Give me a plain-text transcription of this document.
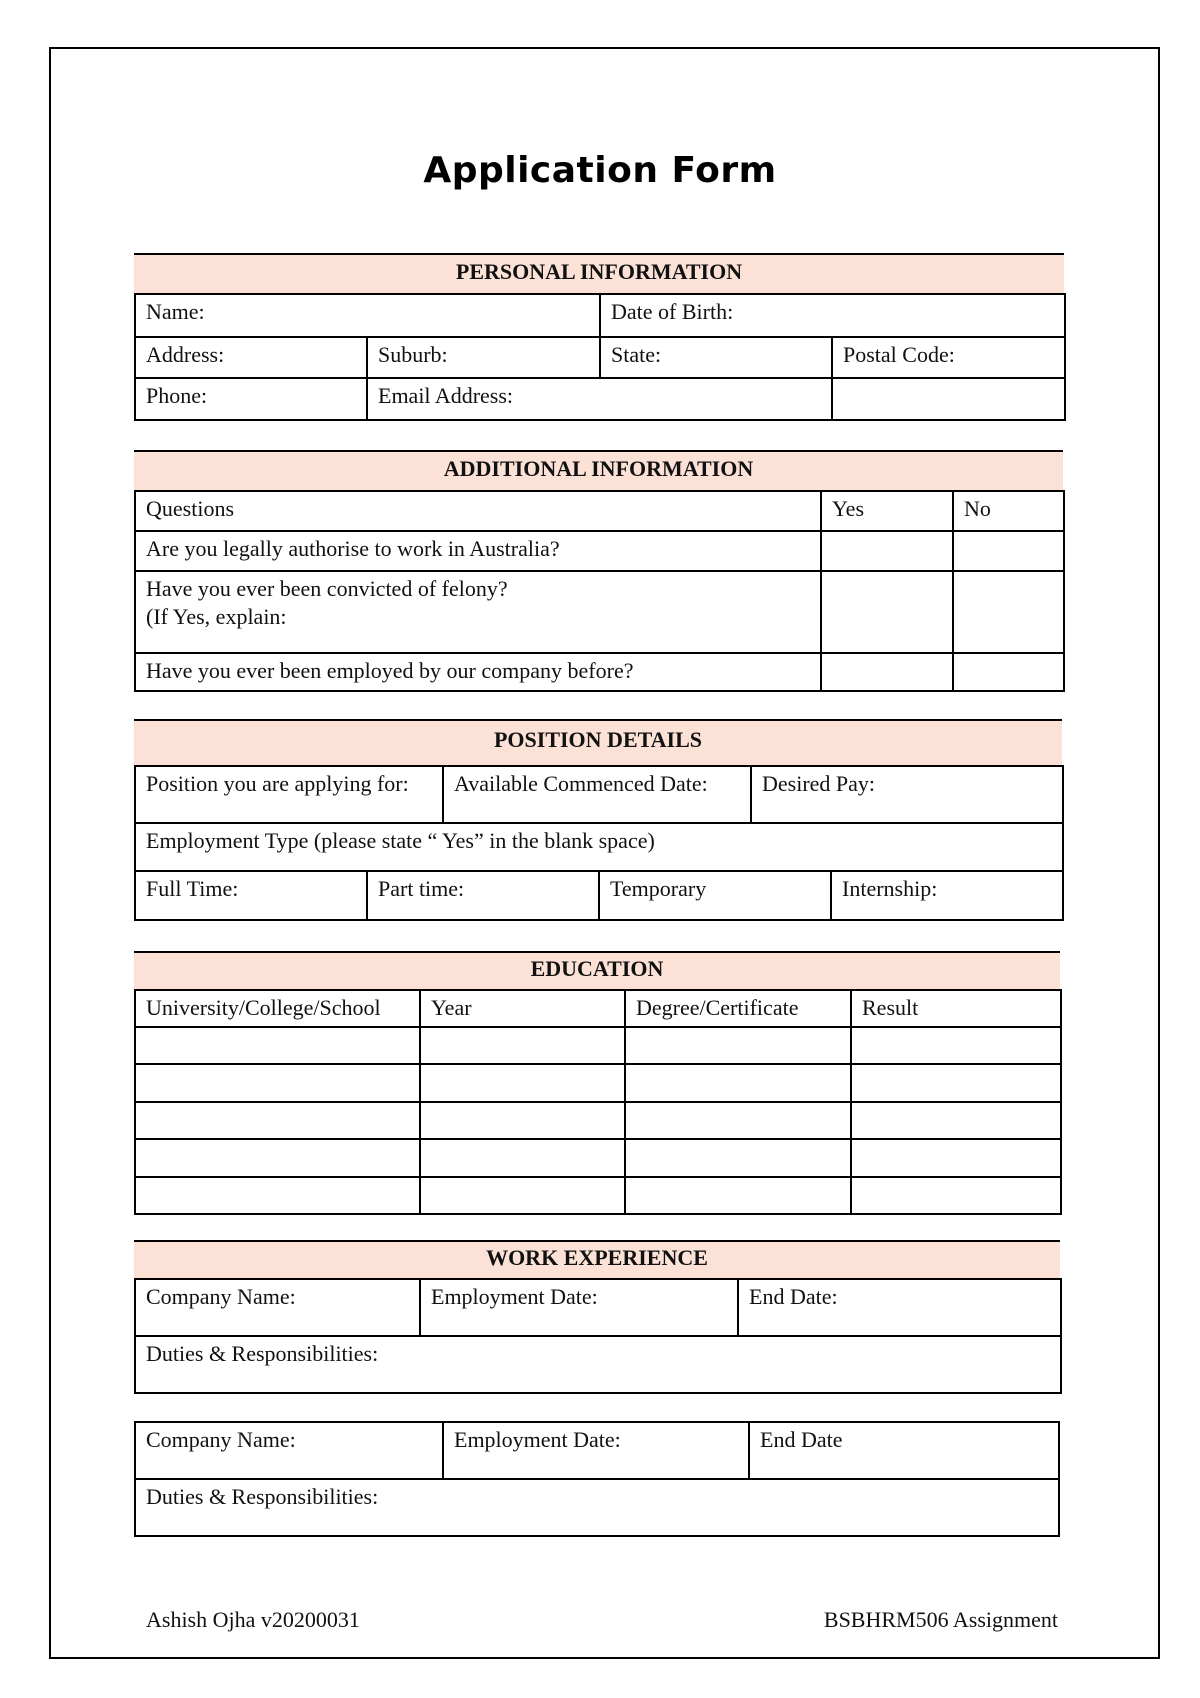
Application Form
PERSONAL INFORMATION
Name:		Date of Birth:	
Address:	Suburb:	State:	Postal Code:
Phone:	Email Address:		
ADDITIONAL INFORMATION
Questions	Yes	No
Are you legally authorise to work in Australia?		

Have you ever been convicted of felony?
(If Yes, explain:		

Have you ever been employed by our company before?		
POSITION DETAILS
Position you are applying for:		Available Commenced Date:		Desired Pay:	
Employment Type (please state “ Yes” in the blank space)					
Full Time:	Part time:		Temporary		Internship:
EDUCATION
University/College/School	Year	Degree/Certificate	Result

WORK EXPERIENCE
Company Name:	Employment Date:	End Date:
Duties & Responsibilities:
Company Name:	Employment Date:	End Date
Duties & Responsibilities:
Ashish Ojha v20200031	BSBHRM506 Assignment
